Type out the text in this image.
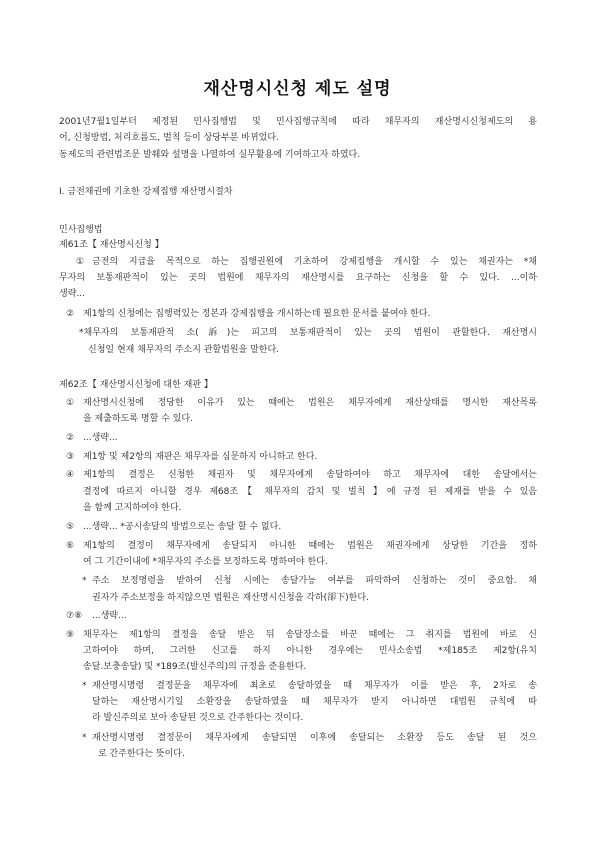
재산명시신청 제도 설명
2001년7월1일부터 제정된 민사집행법 및 민사집행규칙에 따라 채무자의 재산명시신청제도의 용
어, 신청방법, 처리흐름도, 벌칙 등이 상당부분 바뀌었다.
동제도의 관련법조문 발췌와 설명을 나열하여 실무활용에 기여하고자 하였다.
Ⅰ. 금전채권에 기초한 강제집행 재산명시절차
민사집행법
제61조【 재산명시신청 】
①금전의 지급을 목적으로 하는 집행권원에 기초하여 강제집행을 개시할 수 있는 채권자는 *채
무자의 보통재판적이 있는 곳의 법원에 채무자의 재산명시를 요구하는 신청을 할 수 있다. ...이하
생략...
② 제1항의 신청에는 집행력있는 정본과 강제집행을 개시하는데 필요한 문서를 붙여야 한다.
*채무자의 보통재판적 소(訴)는 피고의 보통재판적이 있는 곳의 법원이 관할한다. 재산명시
신청일 현재 채무자의 주소지 관할법원을 말한다.
제62조【 재산명시신청에 대한 재판 】
① 재산명시신청에 정당한 이유가 있는 때에는 법원은 채무자에게 재산상태를 명시한 재산목록
을 제출하도록 명할 수 있다.
② ...생략...
③ 제1항 및 제2항의 재판은 채무자를 심문하지 아니하고 한다.
④ 제1항의 결정은 신청한 채권자 및 채무자에게 송달하여야 하고 채무자에 대한 송달에서는
결정에 따르지 아니할 경우 제68조【 채무자의 감치 및 벌칙 】에 규정 된 제재를 받을 수 있음
을 함께 고지하여야 한다.
⑤ ...생략... *공시송달의 방법으로는 송달 할 수 없다.
⑥ 제1항의 결정이 채무자에게 송달되지 아니한 때에는 법원은 채권자에게 상당한 기간을 정하
여 그 기간이내에 *채무자의 주소를 보정하도록 명하여야 한다.
* 주소 보정명령을 받하여 신청 시에는 송달가능 여부를 파악하여 신청하는 것이 중요함. 채
권자가 주소보정을 하지않으면 법원은 재산명시신청을 각하(卻下)한다.
⑦⑧ ...생략...
⑨ 채무자는 제1항의 결정을 송달 받은 뒤 송달장소를 바꾼 때에는 그 취지를 법원에 바로 신
고하여야 하며, 그러한 신고를 하지 아니한 경우에는 민사소송법 *제185조 제2항(유치
송달.보충송달) 및 *189조(발신주의)의 규정을 준용한다.
* 재산명시명령 결정문을 채무자에 최초로 송달하였을 때 채무자가 이를 받은 후, 2차로 송
달하는 재산명시기일 소환장을 송달하였을 때 채무자가 받지 아니하면 대법원 규칙에 따
라 발신주의로 보아 송달된 것으로 간주한다는 것이다.
* 재산명시명령 결정문이 채무자에게 송달되면 이후에 송달되는 소환장 등도 송달 된 것으
로 간주한다는 뜻이다.
